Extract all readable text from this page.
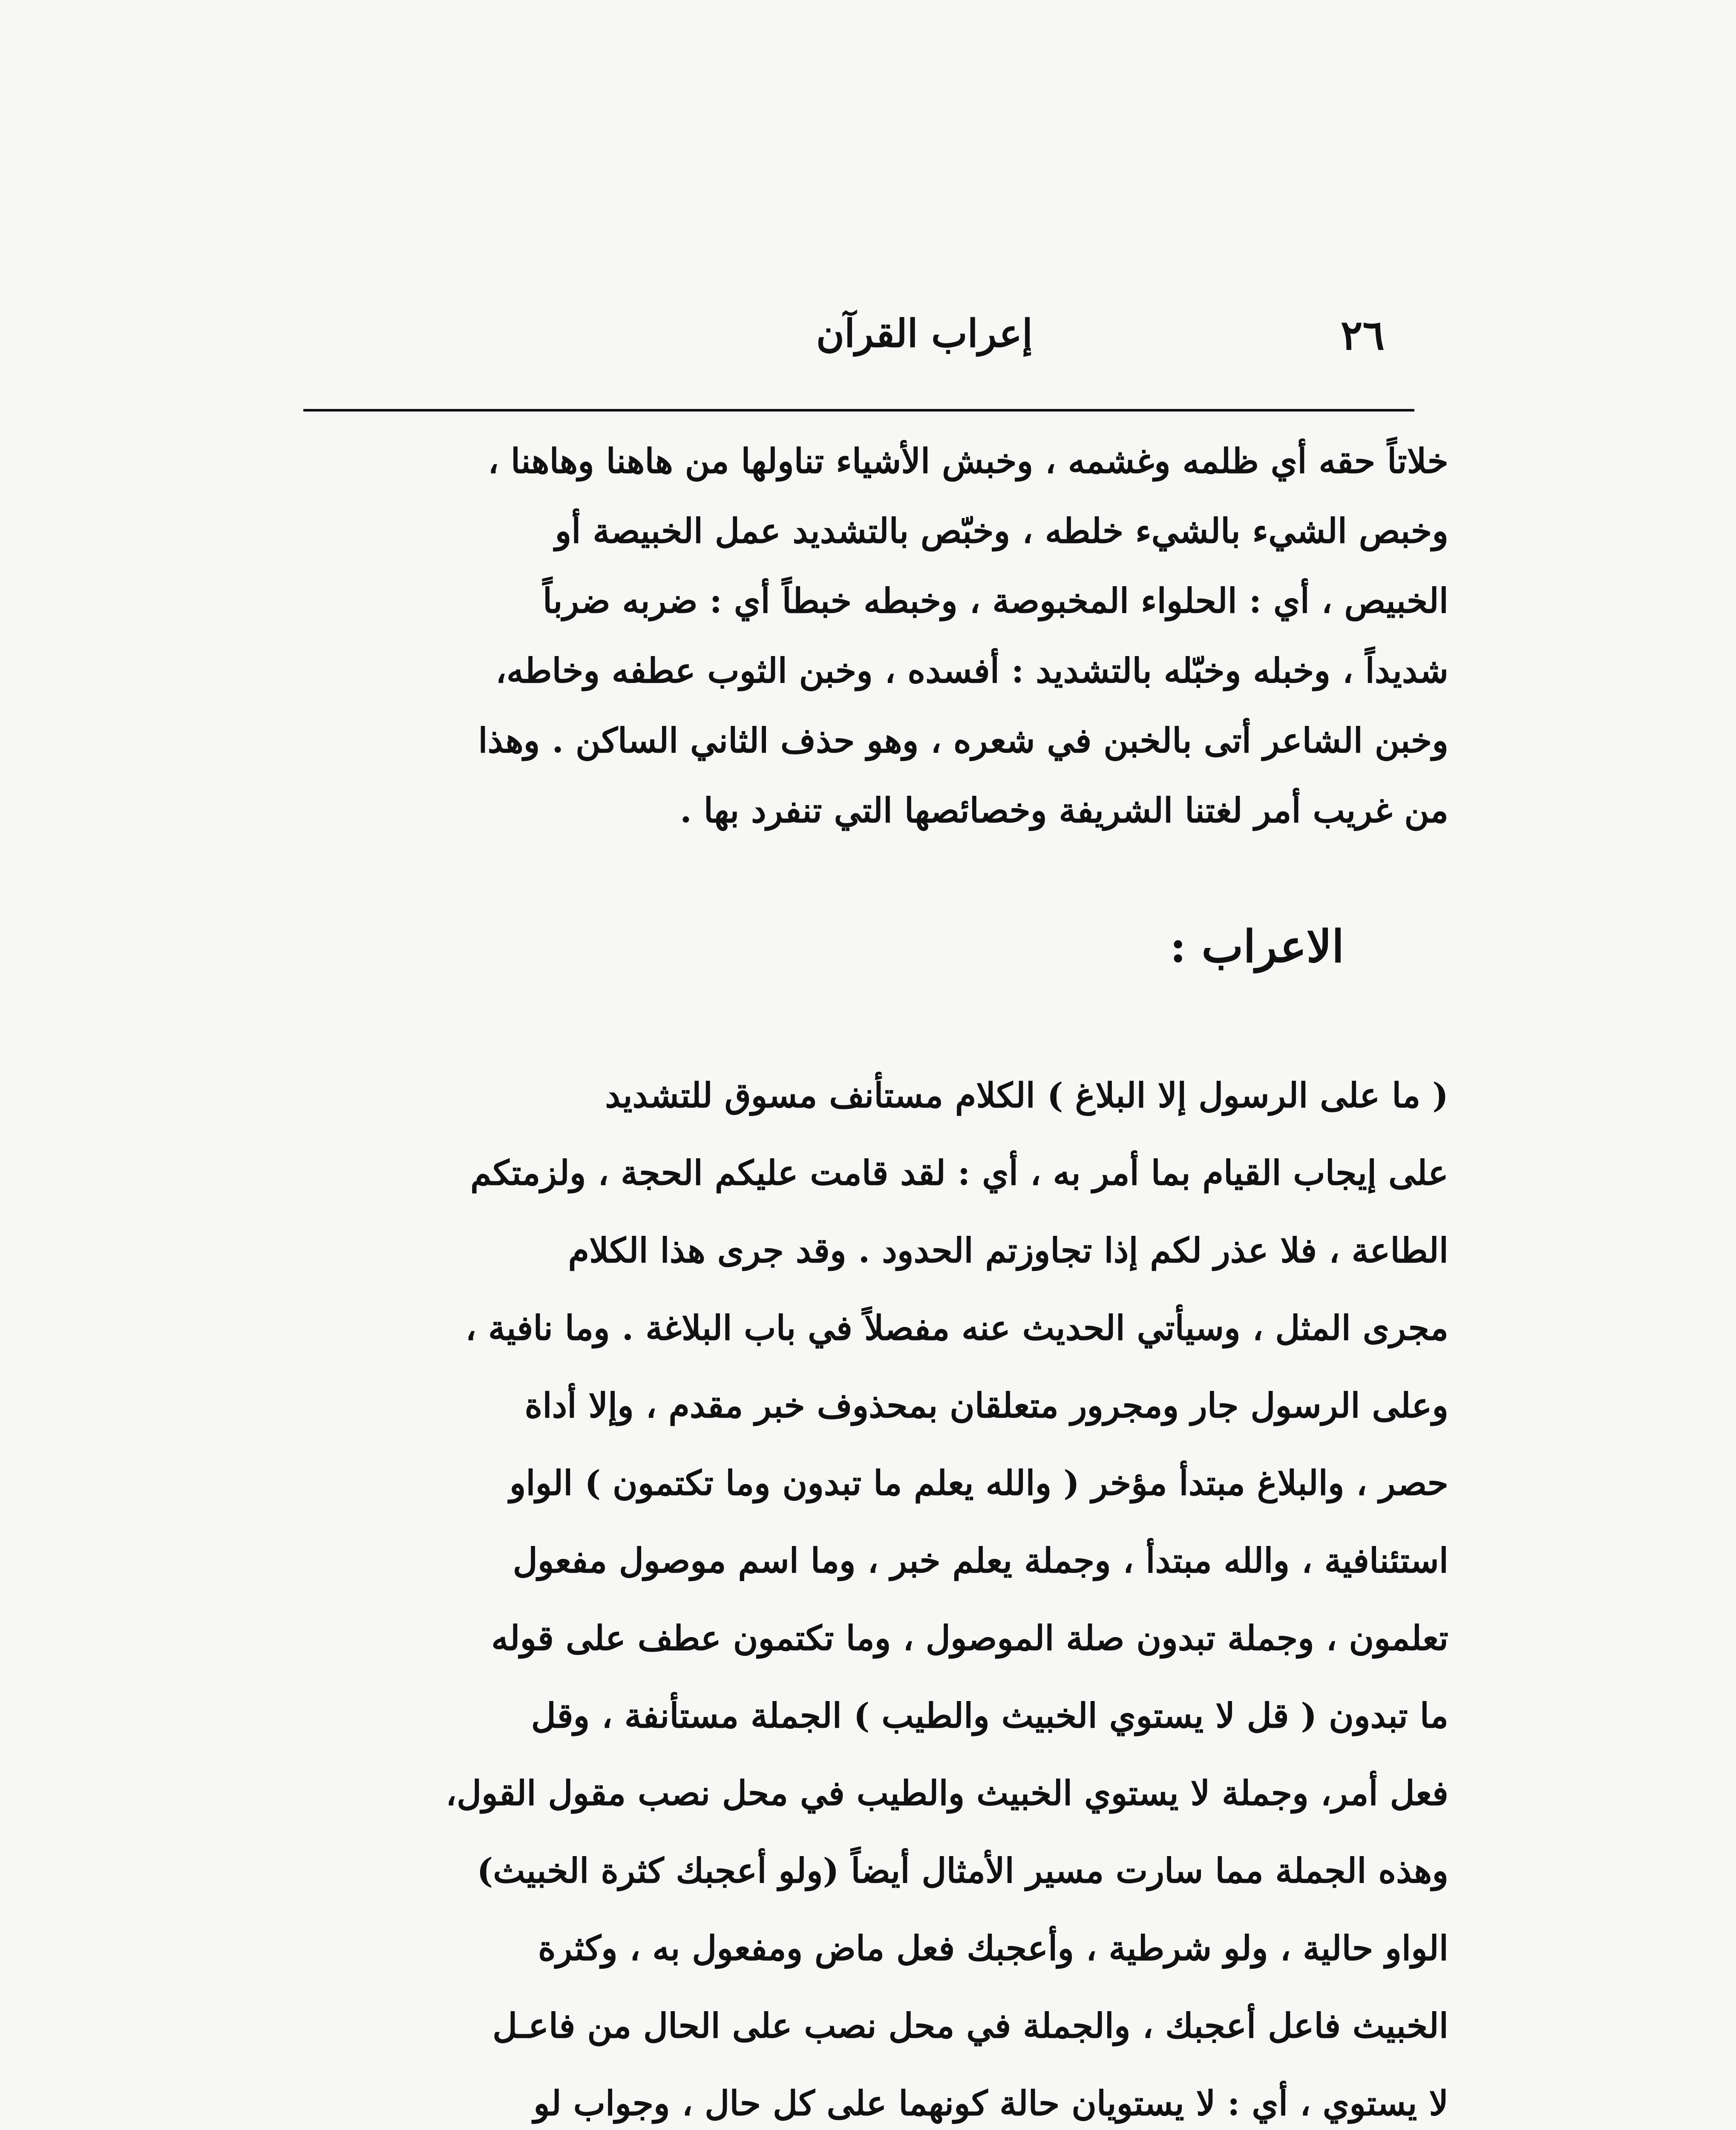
٢٦
إعراب القرآن
خلاتاً حقه أي ظلمه وغشمه ، وخبش الأشياء تناولها من هاهنا وهاهنا ،
وخبص الشيء بالشيء خلطه ، وخبّص بالتشديد عمل الخبيصة أو
الخبيص ، أي : الحلواء المخبوصة ، وخبطه خبطاً أي : ضربه ضرباً
شديداً ، وخبله وخبّله بالتشديد : أفسده ، وخبن الثوب عطفه وخاطه،
وخبن الشاعر أتى بالخبن في شعره ، وهو حذف الثاني الساكن . وهذا
من غريب أمر لغتنا الشريفة وخصائصها التي تنفرد بها .
الاعراب :
( ما على الرسول إلا البلاغ ) الكلام مستأنف مسوق للتشديد
على إيجاب القيام بما أمر به ، أي : لقد قامت عليكم الحجة ، ولزمتكم
الطاعة ، فلا عذر لكم إذا تجاوزتم الحدود . وقد جرى هذا الكلام
مجرى المثل ، وسيأتي الحديث عنه مفصلاً في باب البلاغة . وما نافية ،
وعلى الرسول جار ومجرور متعلقان بمحذوف خبر مقدم ، وإلا أداة
حصر ، والبلاغ مبتدأ مؤخر ( والله يعلم ما تبدون وما تكتمون ) الواو
استئنافية ، والله مبتدأ ، وجملة يعلم خبر ، وما اسم موصول مفعول
تعلمون ، وجملة تبدون صلة الموصول ، وما تكتمون عطف على قوله
ما تبدون ( قل لا يستوي الخبيث والطيب ) الجملة مستأنفة ، وقل
فعل أمر، وجملة لا يستوي الخبيث والطيب في محل نصب مقول القول،
وهذه الجملة مما سارت مسير الأمثال أيضاً (ولو أعجبك كثرة الخبيث)
الواو حالية ، ولو شرطية ، وأعجبك فعل ماض ومفعول به ، وكثرة
الخبيث فاعل أعجبك ، والجملة في محل نصب على الحال من فاعـل
لا يستوي ، أي : لا يستويان حالة كونهما على كل حال ، وجواب لو
